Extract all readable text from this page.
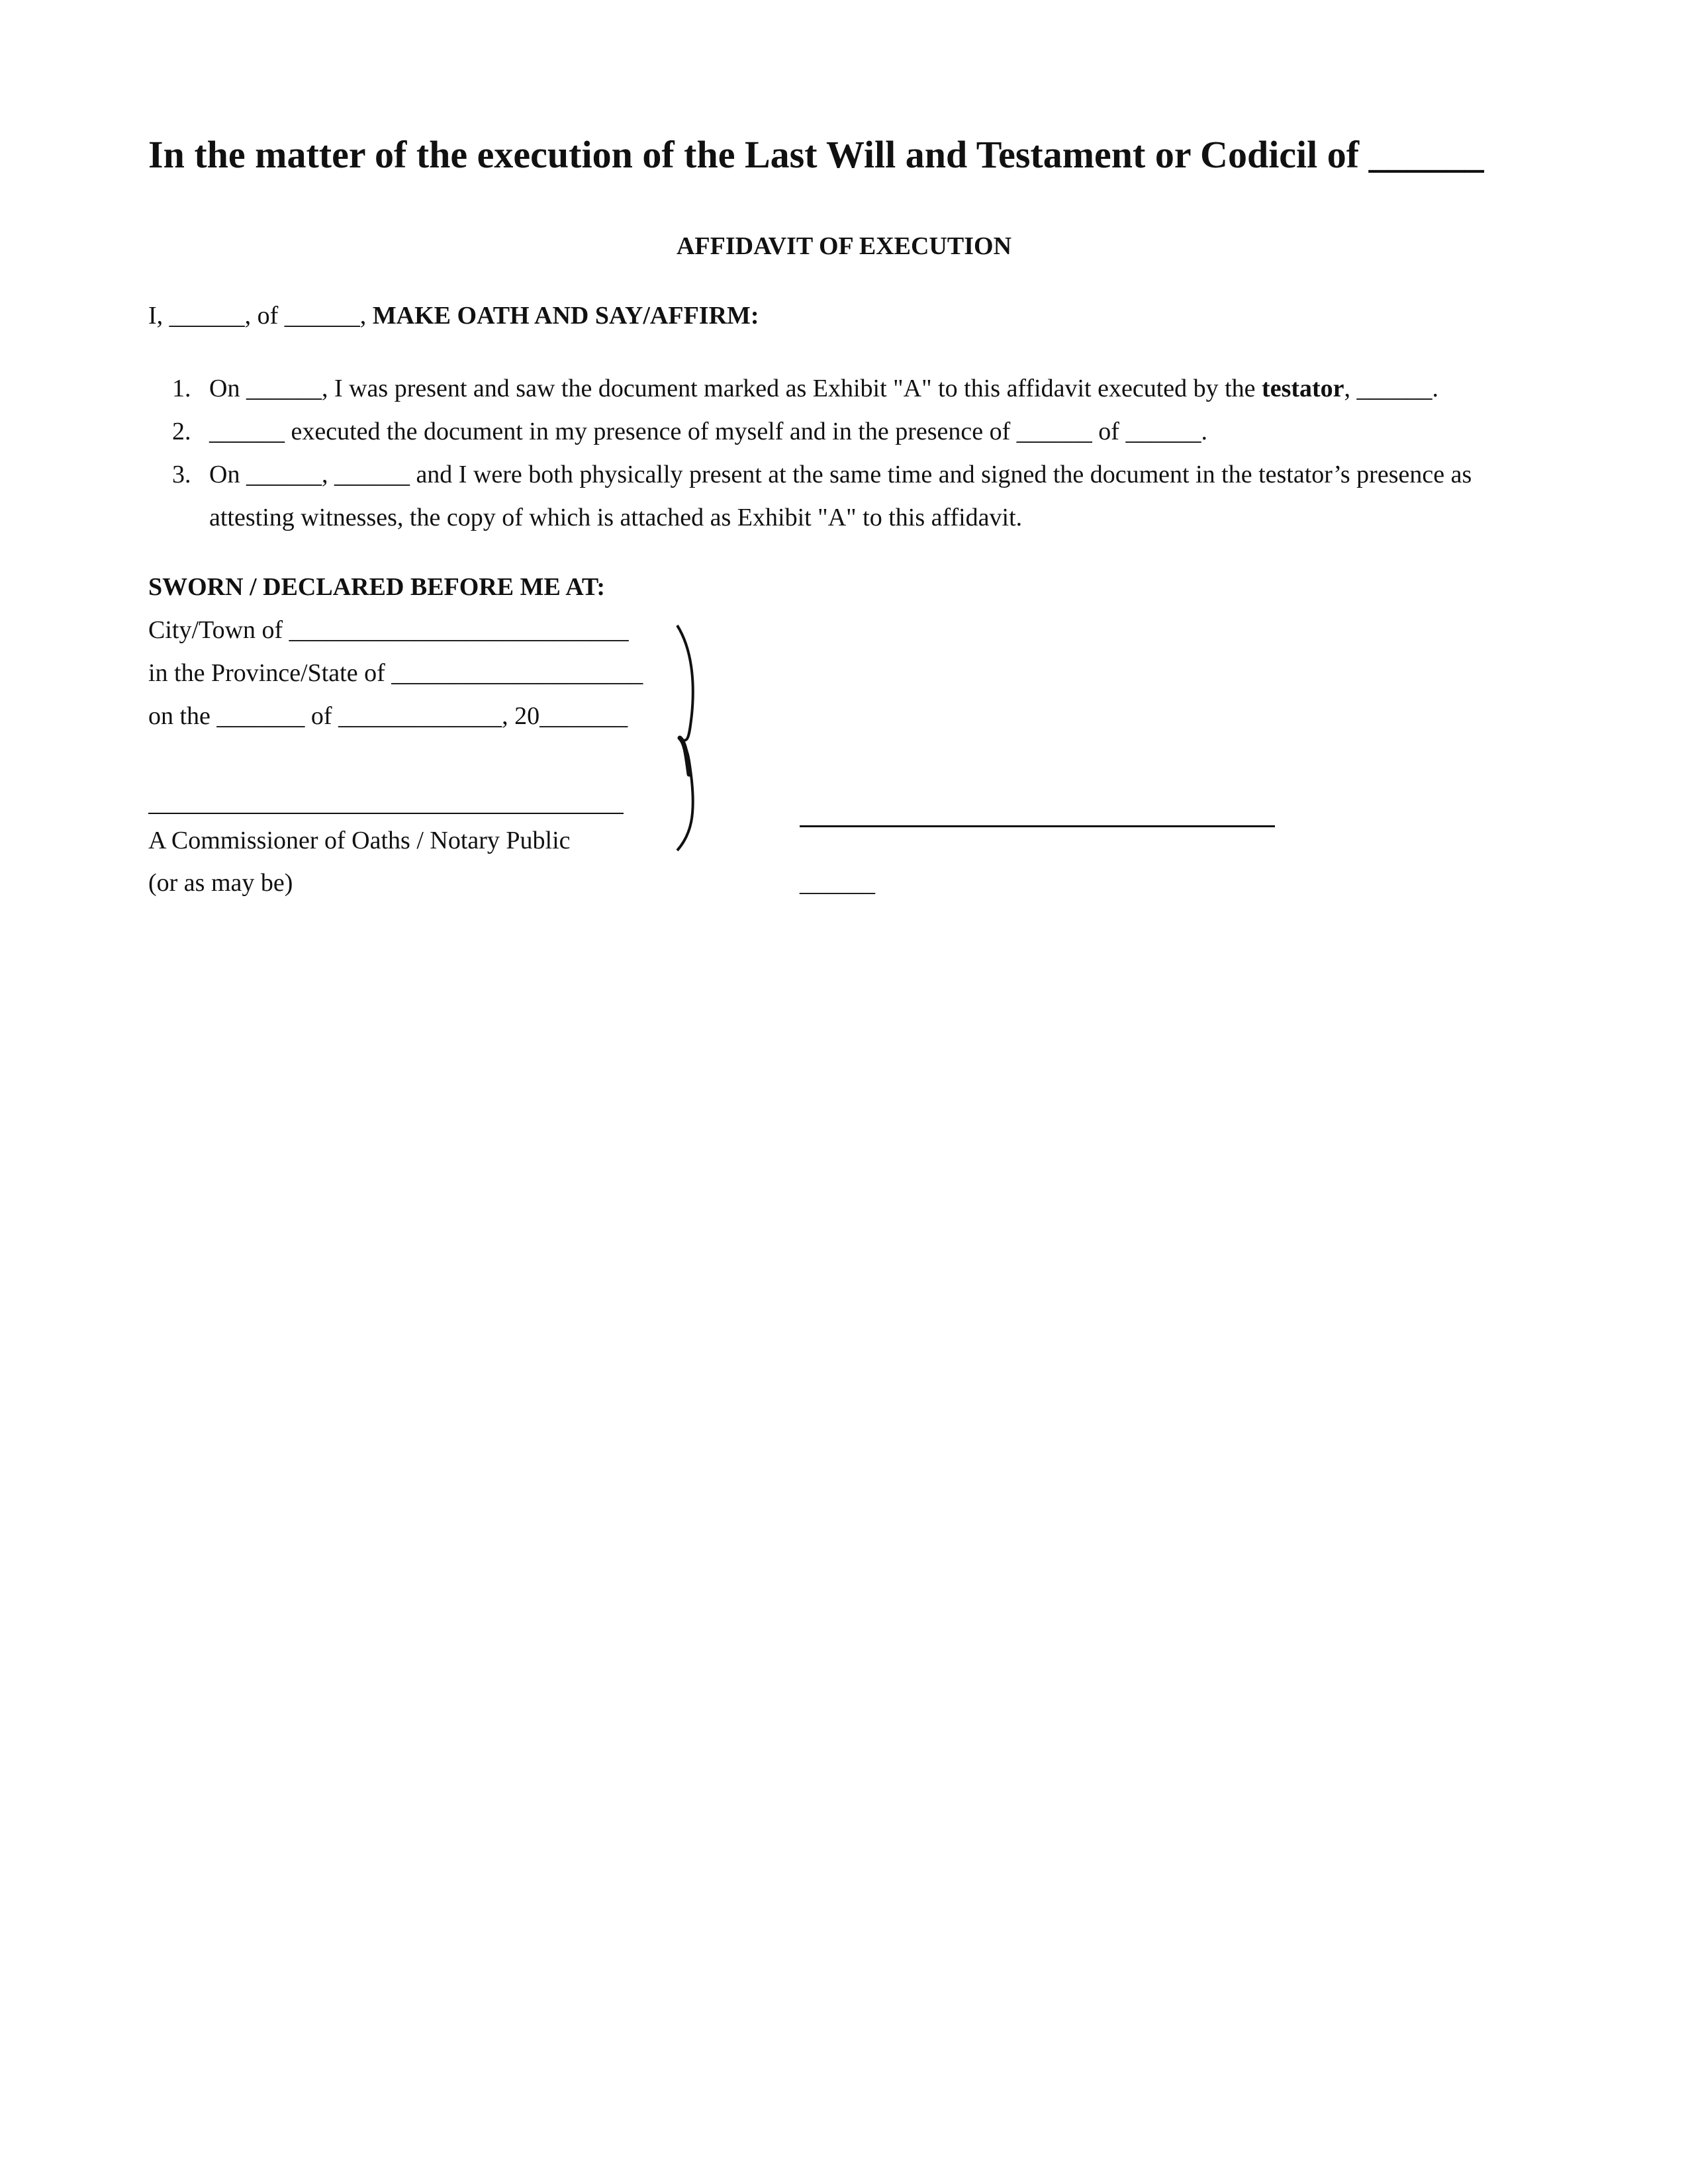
In the matter of the execution of the Last Will and Testament or Codicil of ______
AFFIDAVIT OF EXECUTION
I, ______, of ______, MAKE OATH AND SAY/AFFIRM:
1. On ______, I was present and saw the document marked as Exhibit "A" to this affidavit executed by the testator, ______.
2. ______ executed the document in my presence of myself and in the presence of ______ of ______.
3. On ______, ______ and I were both physically present at the same time and signed the document in the testator’s presence as attesting witnesses, the copy of which is attached as Exhibit "A" to this affidavit.
SWORN / DECLARED BEFORE ME AT:
City/Town of ___________________________
in the Province/State of ____________________
on the _______ of _____________, 20_______
A Commissioner of Oaths / Notary Public
(or as may be)	______
